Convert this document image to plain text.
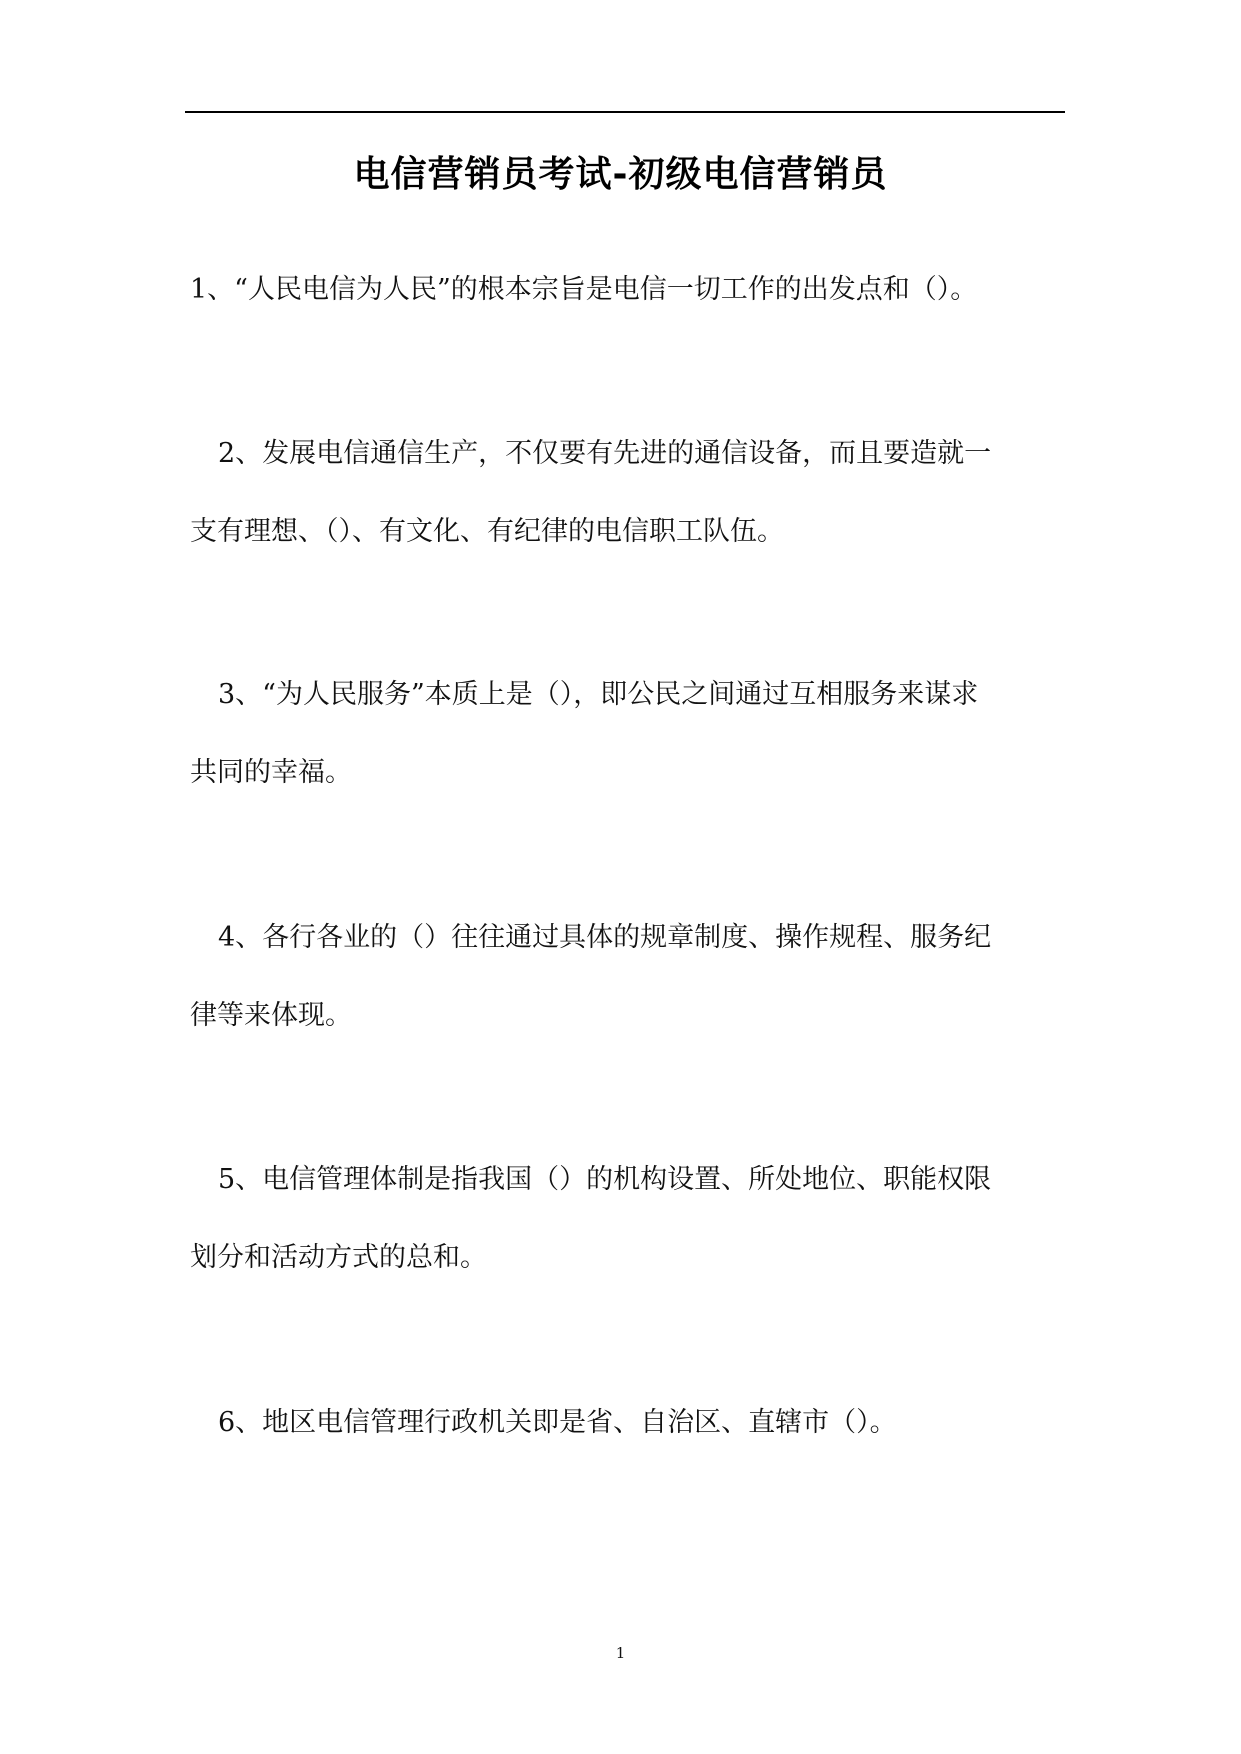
电信营销员考试-初级电信营销员
1、“人民电信为人民”的根本宗旨是电信一切工作的出发点和（）。
2、发展电信通信生产，不仅要有先进的通信设备，而且要造就一
支有理想、（）、有文化、有纪律的电信职工队伍。
3、“为人民服务”本质上是（），即公民之间通过互相服务来谋求
共同的幸福。
4、各行各业的（）往往通过具体的规章制度、操作规程、服务纪
律等来体现。
5、电信管理体制是指我国（）的机构设置、所处地位、职能权限
划分和活动方式的总和。
6、地区电信管理行政机关即是省、自治区、直辖市（）。
1
